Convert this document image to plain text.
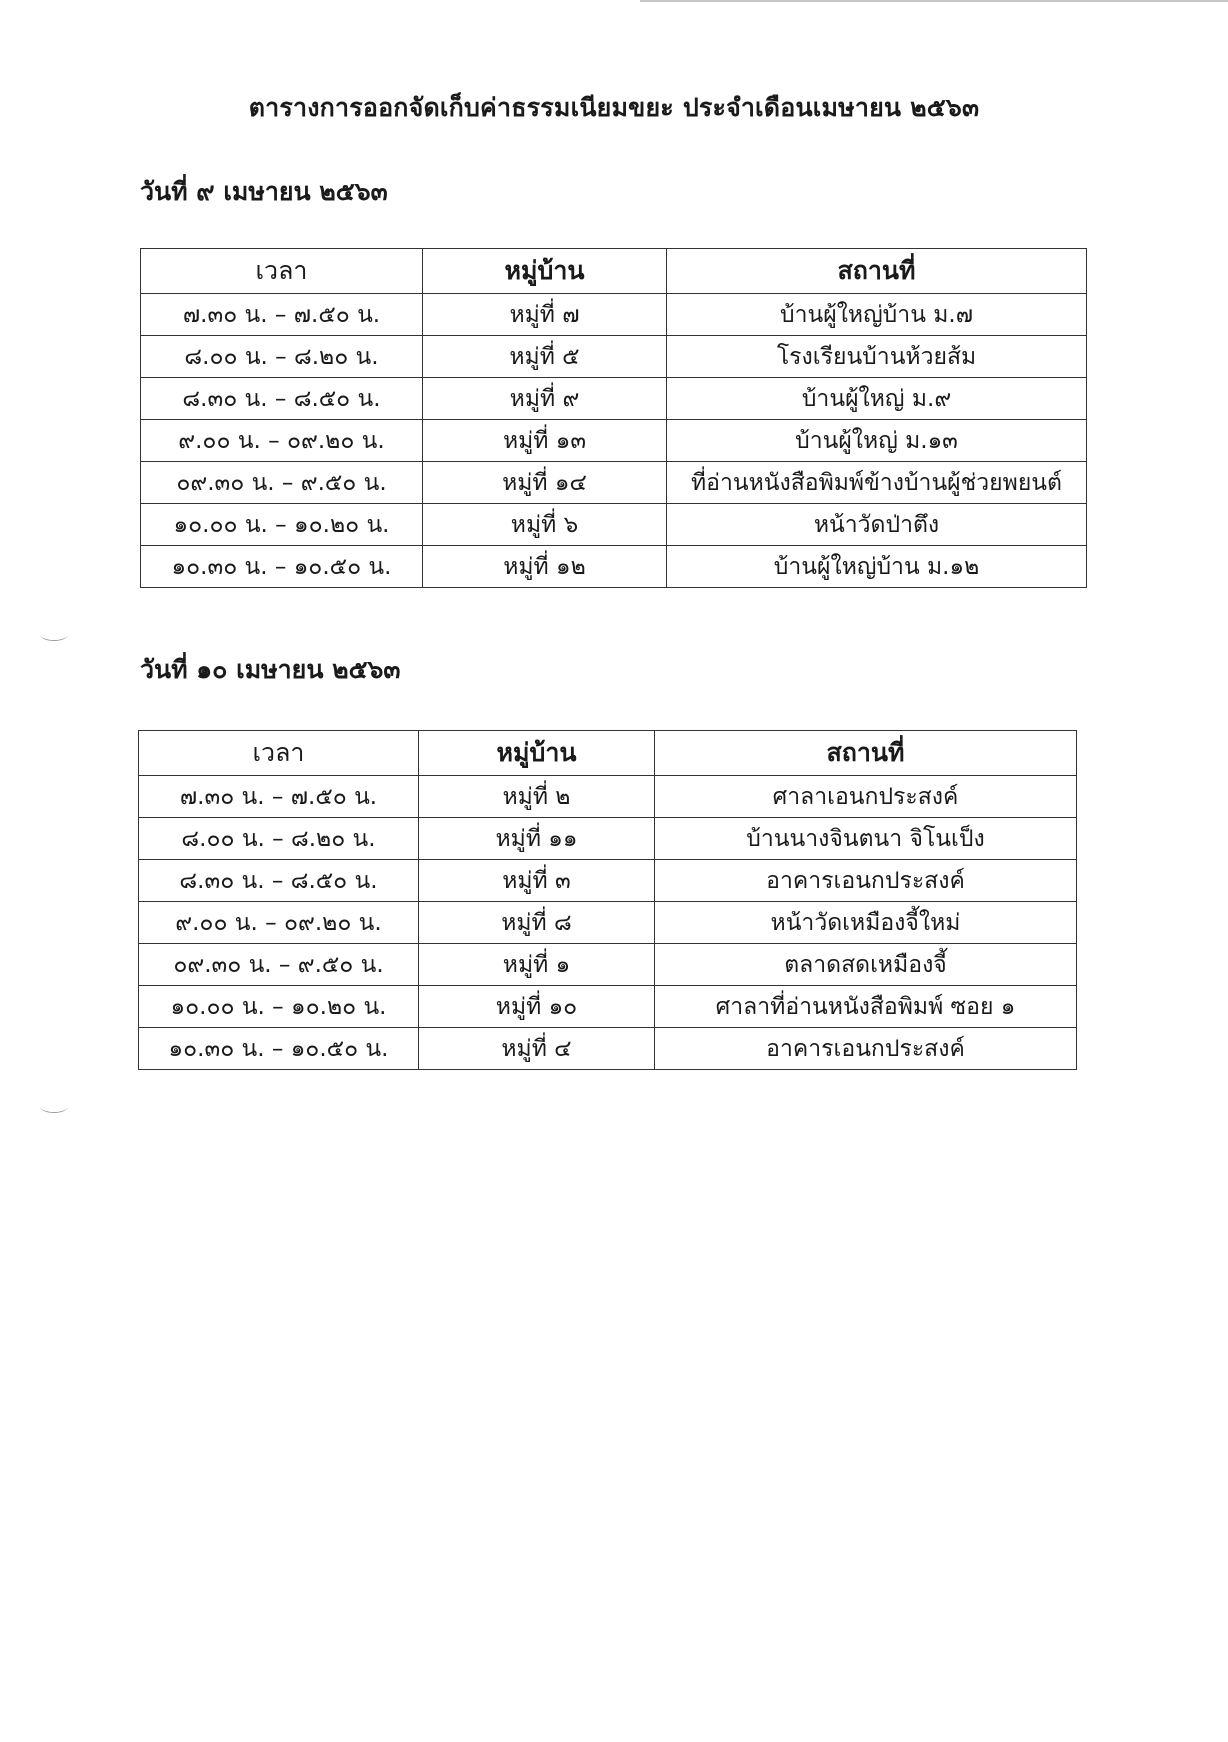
ตารางการออกจัดเก็บค่าธรรมเนียมขยะ ประจำเดือนเมษายน ๒๕๖๓
วันที่ ๙ เมษายน ๒๕๖๓
เวลา	หมู่บ้าน	สถานที่
๗.๓๐ น. – ๗.๕๐ น.	หมู่ที่ ๗	บ้านผู้ใหญ่บ้าน ม.๗
๘.๐๐ น. – ๘.๒๐ น.	หมู่ที่ ๕	โรงเรียนบ้านห้วยส้ม
๘.๓๐ น. – ๘.๕๐ น.	หมู่ที่ ๙	บ้านผู้ใหญ่ ม.๙
๙.๐๐ น. – ๐๙.๒๐ น.	หมู่ที่ ๑๓	บ้านผู้ใหญ่ ม.๑๓
๐๙.๓๐ น. – ๙.๕๐ น.	หมู่ที่ ๑๔	ที่อ่านหนังสือพิมพ์ข้างบ้านผู้ช่วยพยนต์
๑๐.๐๐ น. – ๑๐.๒๐ น.	หมู่ที่ ๖	หน้าวัดป่าตึง
๑๐.๓๐ น. – ๑๐.๕๐ น.	หมู่ที่ ๑๒	บ้านผู้ใหญ่บ้าน ม.๑๒
วันที่ ๑๐ เมษายน ๒๕๖๓
เวลา	หมู่บ้าน	สถานที่
๗.๓๐ น. – ๗.๕๐ น.	หมู่ที่ ๒	ศาลาเอนกประสงค์
๘.๐๐ น. – ๘.๒๐ น.	หมู่ที่ ๑๑	บ้านนางจินตนา จิโนเป็ง
๘.๓๐ น. – ๘.๕๐ น.	หมู่ที่ ๓	อาคารเอนกประสงค์
๙.๐๐ น. – ๐๙.๒๐ น.	หมู่ที่ ๘	หน้าวัดเหมืองจี้ใหม่
๐๙.๓๐ น. – ๙.๕๐ น.	หมู่ที่ ๑	ตลาดสดเหมืองจี้
๑๐.๐๐ น. – ๑๐.๒๐ น.	หมู่ที่ ๑๐	ศาลาที่อ่านหนังสือพิมพ์ ซอย ๑
๑๐.๓๐ น. – ๑๐.๕๐ น.	หมู่ที่ ๔	อาคารเอนกประสงค์
